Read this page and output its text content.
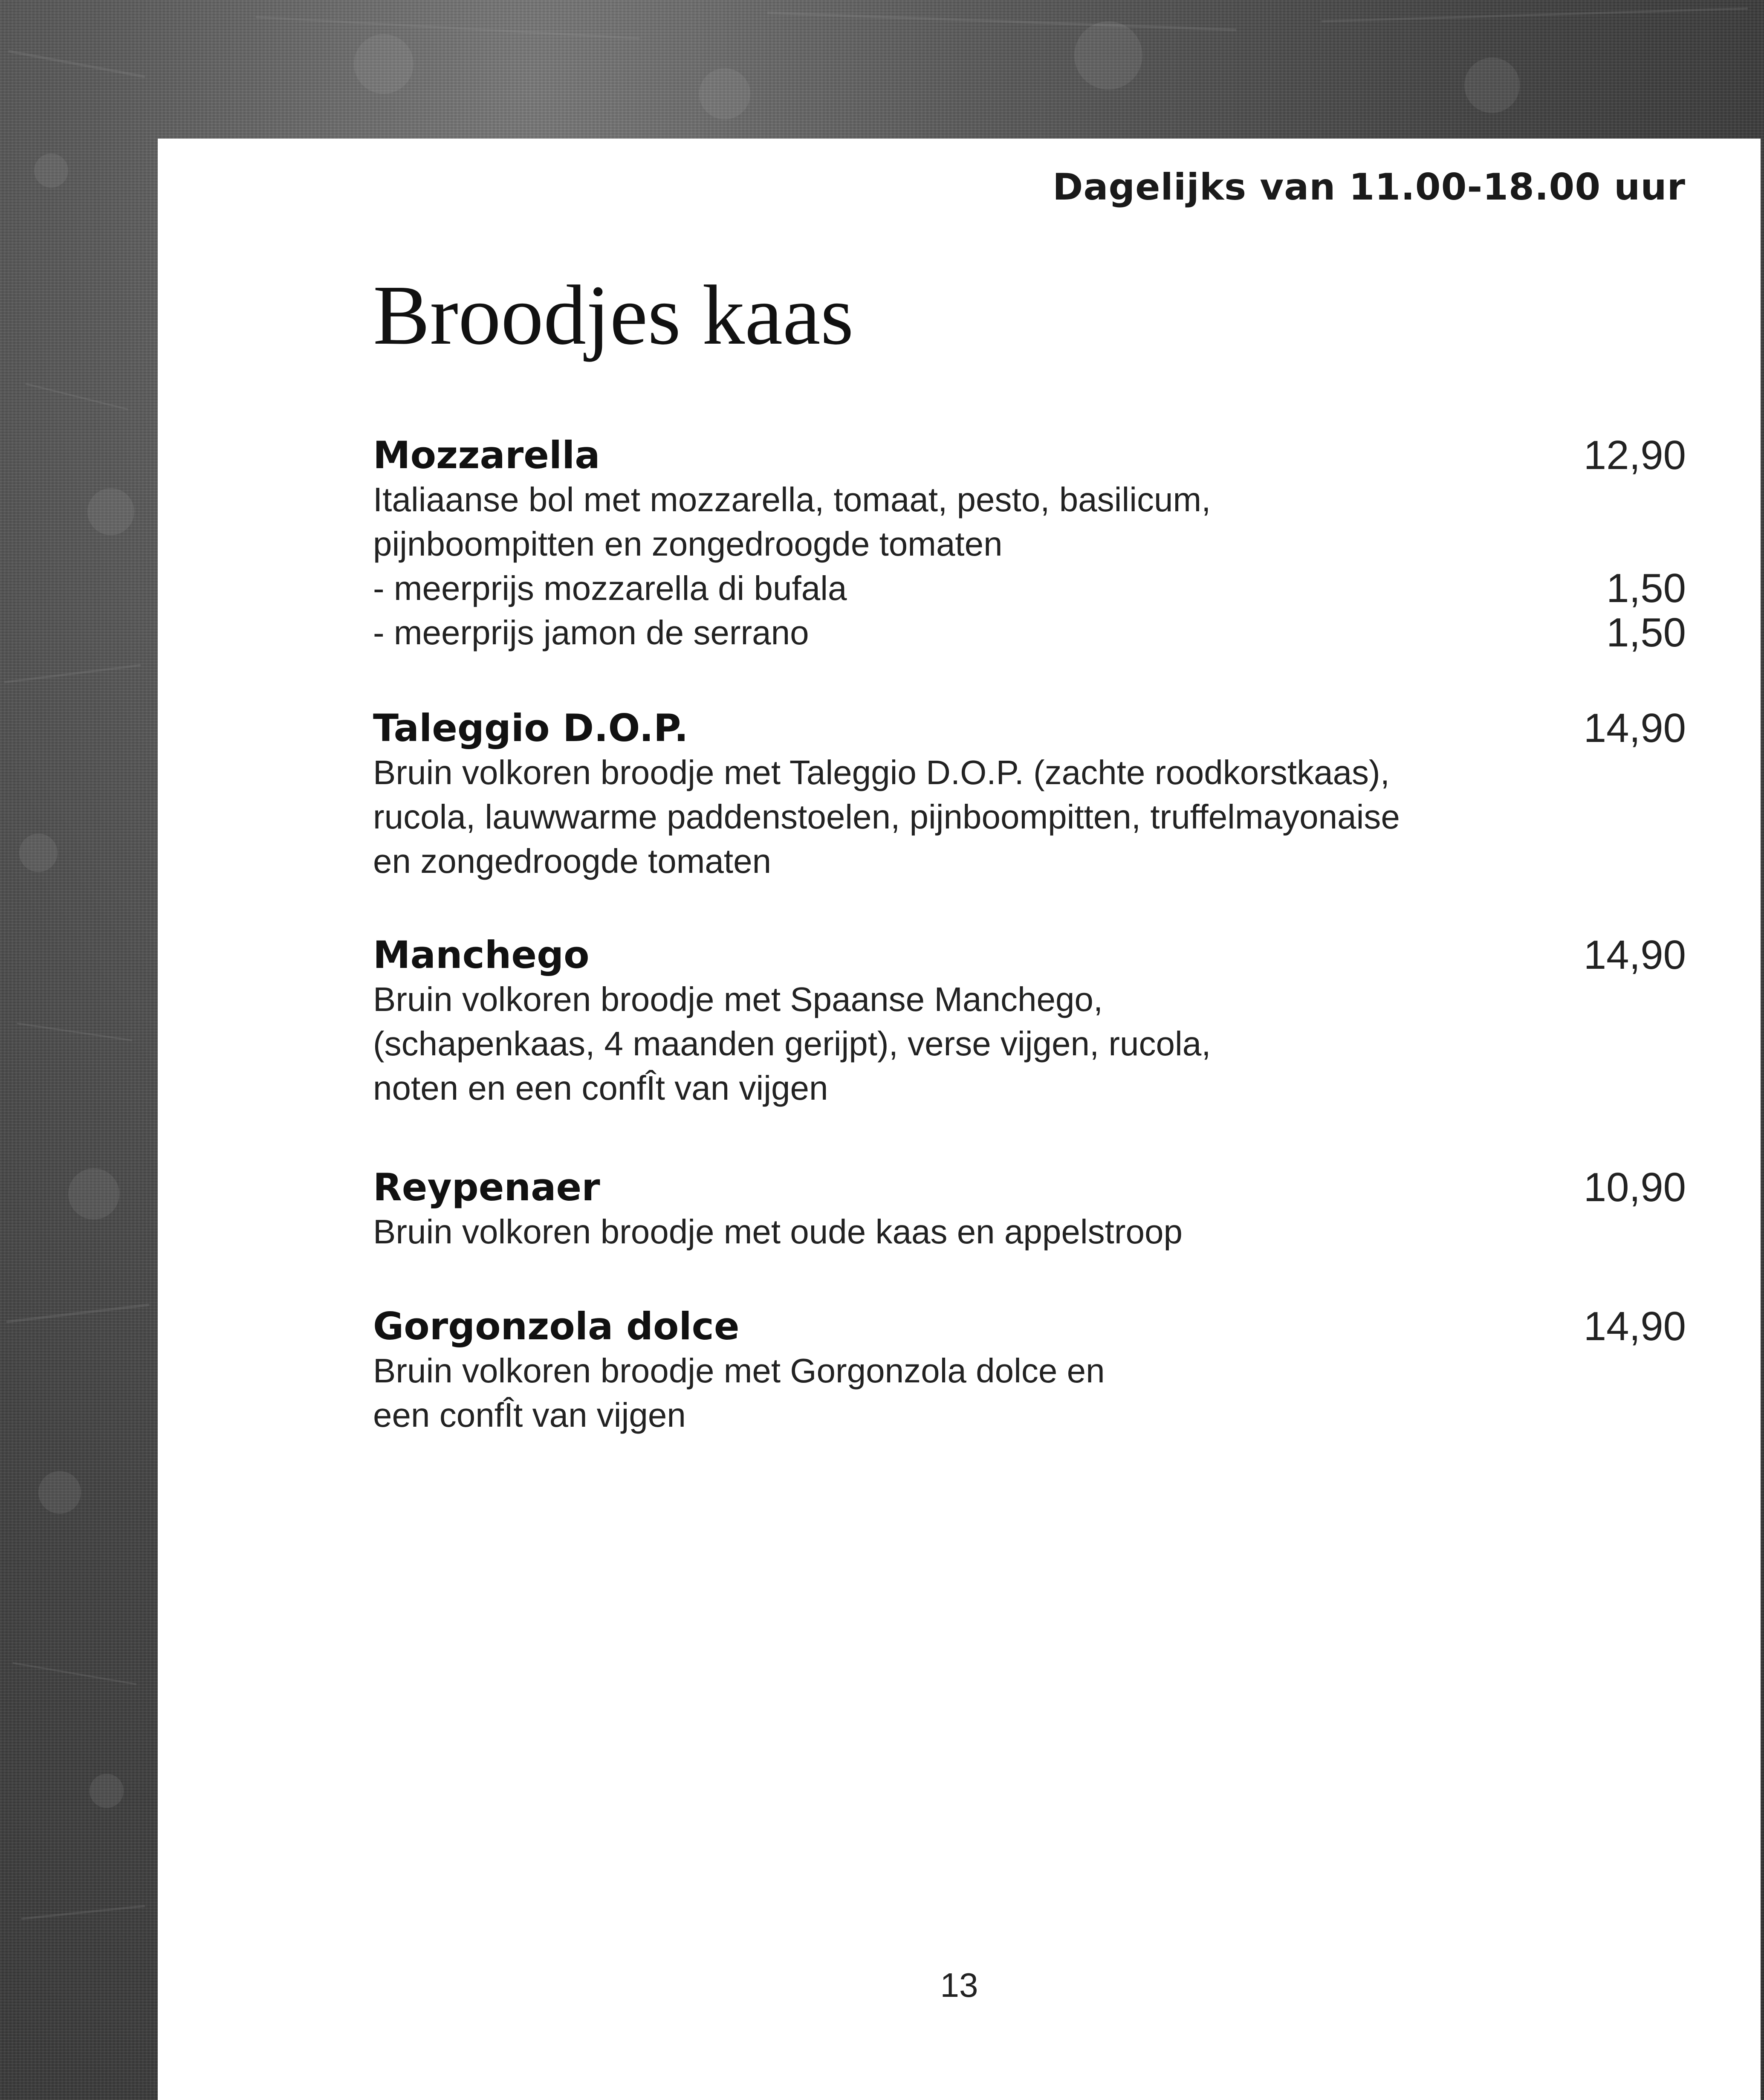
Dagelijks van 11.00-18.00 uur
Broodjes kaas
Mozzarella	12,90
Italiaanse bol met mozzarella, tomaat, pesto, basilicum,
pijnboompitten en zongedroogde tomaten
- meerprijs mozzarella di bufala	1,50
- meerprijs jamon de serrano	1,50
Taleggio D.O.P.	14,90
Bruin volkoren broodje met Taleggio D.O.P. (zachte roodkorstkaas),
rucola, lauwwarme paddenstoelen, pijnboompitten, truffelmayonaise
en zongedroogde tomaten
Manchego	14,90
Bruin volkoren broodje met Spaanse Manchego,
(schapenkaas, 4 maanden gerijpt), verse vijgen, rucola,
noten en een confÎt van vijgen
Reypenaer	10,90
Bruin volkoren broodje met oude kaas en appelstroop
Gorgonzola dolce	14,90
Bruin volkoren broodje met Gorgonzola dolce en
een confÎt van vijgen
13
